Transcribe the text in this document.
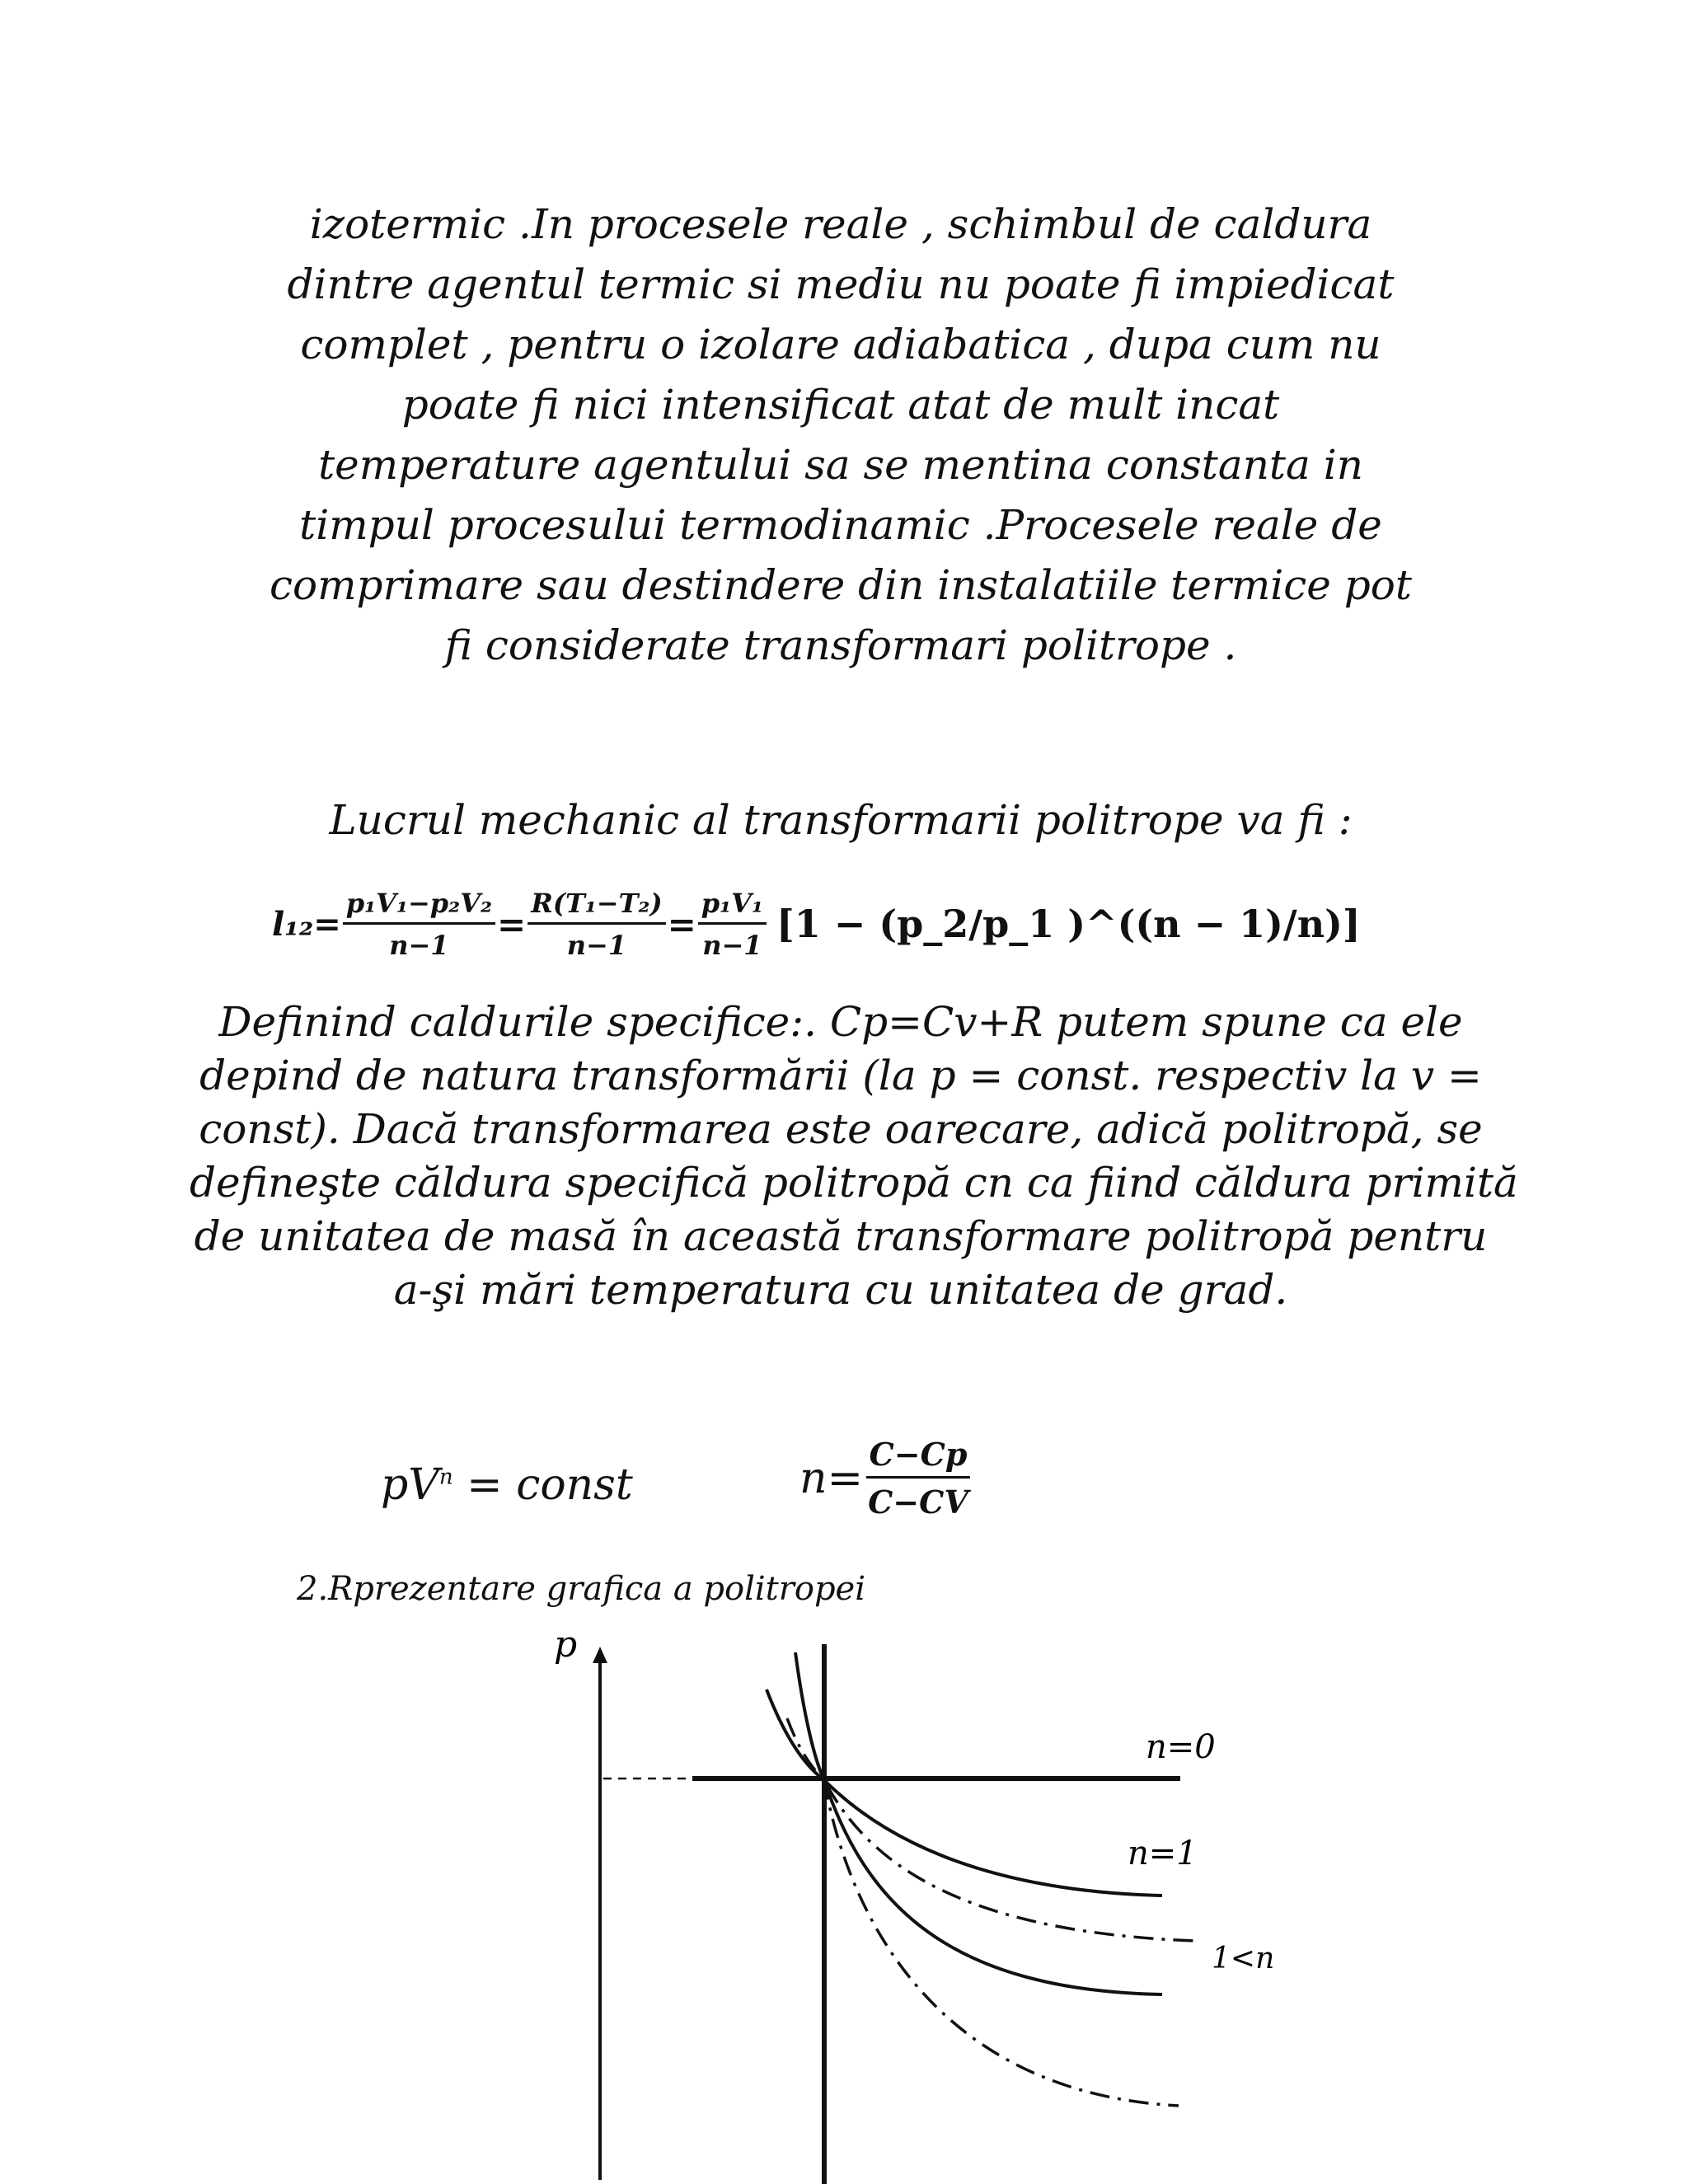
izotermic .In procesele reale , schimbul de caldura
dintre agentul termic si mediu nu poate fi impiedicat
complet , pentru o izolare adiabatica , dupa cum nu
poate fi nici intensificat atat de mult incat
temperature agentului sa se mentina constanta in
timpul procesului termodinamic .Procesele reale de
comprimare sau destindere din instalatiile termice pot
fi considerate transformari politrope .
Lucrul mechanic al transformarii politrope va fi :
$l_{12}= \frac{\text{p₁V₁−p₂V₂}}{n-1} = \frac{\text{R(T₁−T₂)}}{n-1} = \frac{\text{p₁V₁}}{n-1} [1$ − (p_2/p_1 )^((n − 1)/n)]
Definind caldurile specifice:. Cp=Cv+R putem spune ca ele
depind de natura transformării (la p = const. respectiv la v =
const). Dacă transformarea este oarecare, adică politropă, se
defineşte căldura specifică politropă cn ca fiind căldura primită
de unitatea de masă în această transformare politropă pentru
a-şi mări temperatura cu unitatea de grad.
$pV^n$ = const	$n= \frac{C-Cp}{C-CV}$
2.Rprezentare grafica a politropei
p
n=0
n=1
1<n
